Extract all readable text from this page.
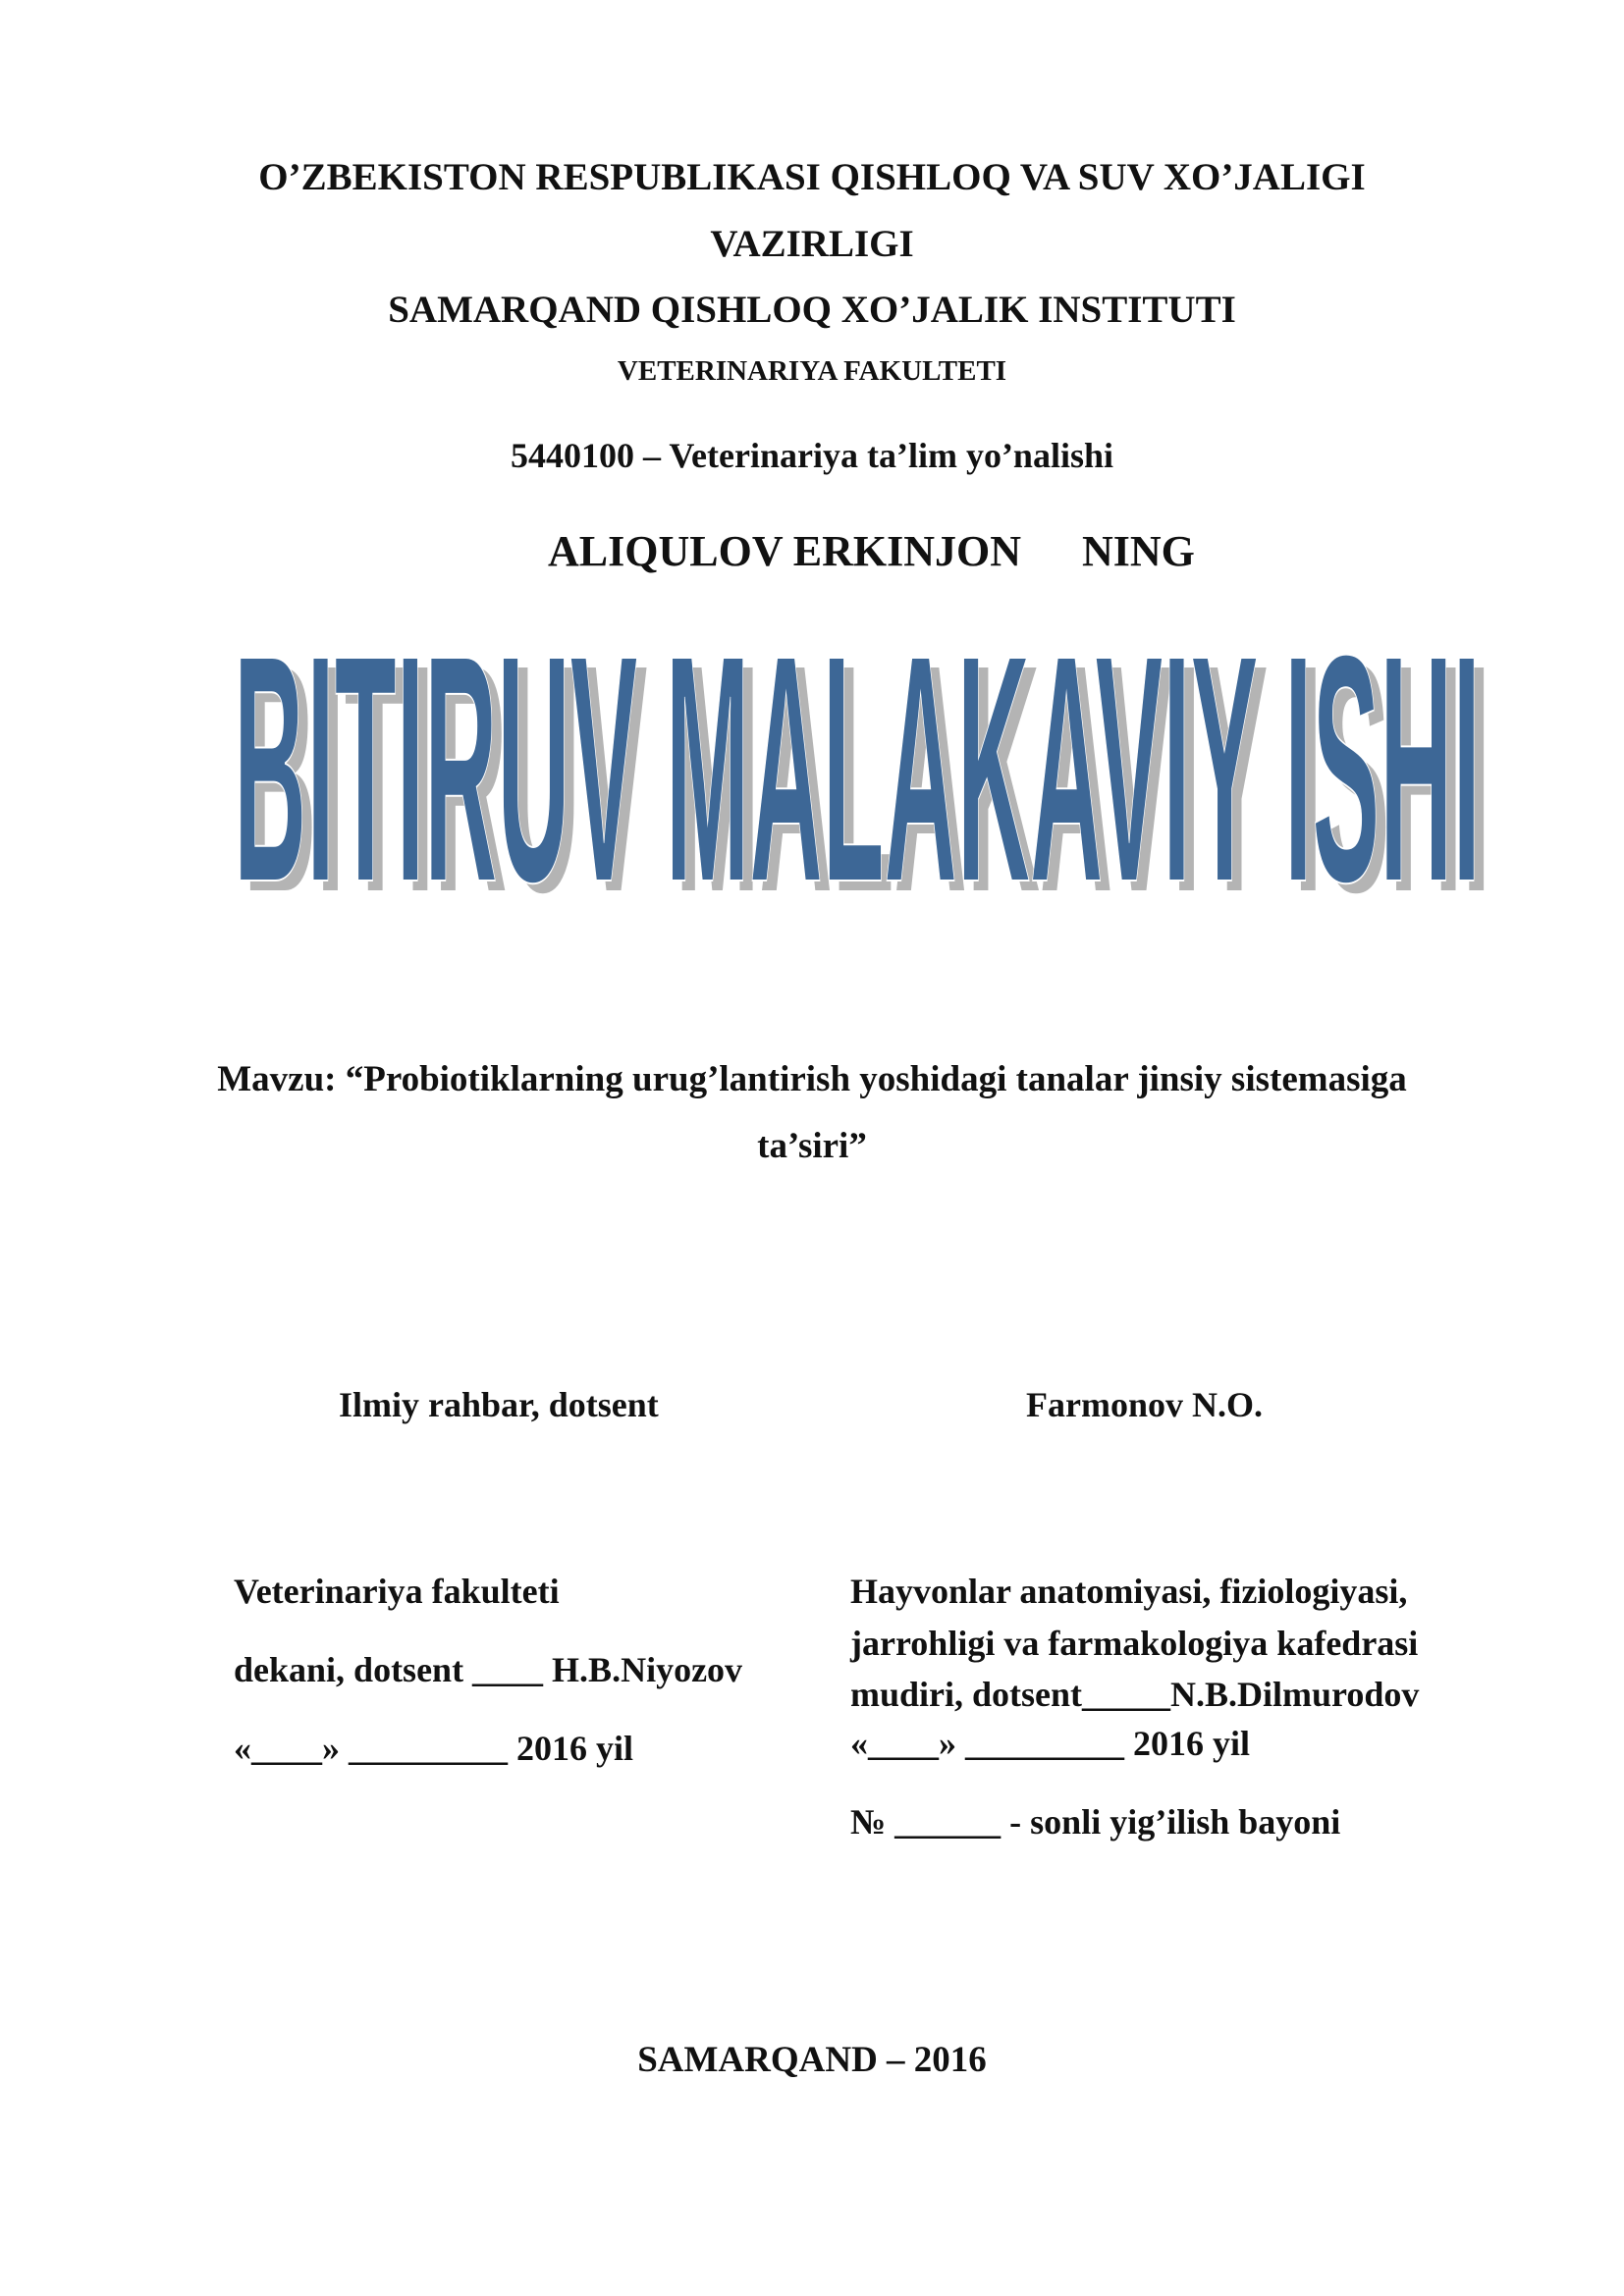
O’ZBEKISTON RESPUBLIKASI QISHLOQ VA SUV XO’JALIGI
VAZIRLIGI
SAMARQAND QISHLOQ XO’JALIK INSTITUTI
VETERINARIYA FAKULTETI
5440100 – Veterinariya ta’lim yo’nalishi
ALIQULOV ERKINJON NING
BITIRUV MALAKAVIY ISHI
BITIRUV MALAKAVIY ISHI
Mavzu: “Probiotiklarning urug’lantirish yoshidagi tanalar jinsiy sistemasiga
ta’siri”
Ilmiy rahbar, dotsent	Farmonov N.O.
Veterinariya fakulteti
dekani, dotsent ____ H.B.Niyozov
«____» _________ 2016 yil
Hayvonlar anatomiyasi, fiziologiyasi,
jarrohligi va farmakologiya kafedrasi
mudiri, dotsent_____N.B.Dilmurodov
«____» _________ 2016 yil
№ ______ - sonli yig’ilish bayoni
SAMARQAND – 2016
